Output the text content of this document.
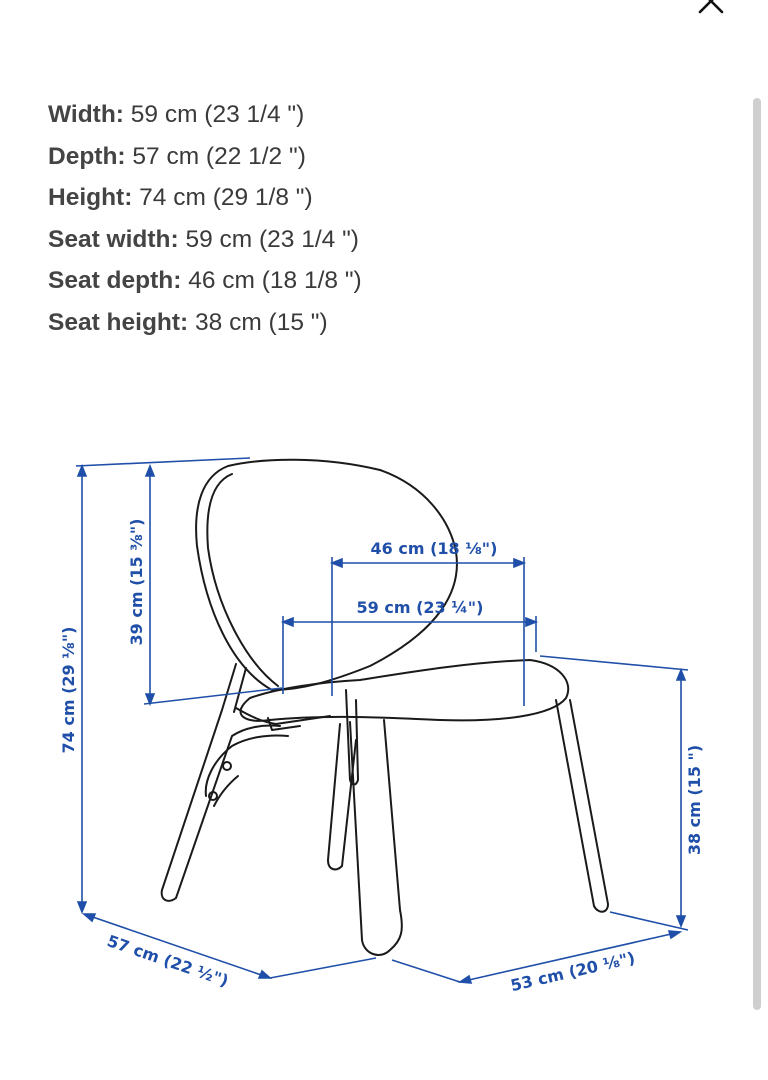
Width: 59 cm (23 1/4 ")
Depth: 57 cm (22 1/2 ")
Height: 74 cm (29 1/8 ")
Seat width: 59 cm (23 1/4 ")
Seat depth: 46 cm (18 1/8 ")
Seat height: 38 cm (15 ")
46 cm (18 ⅛")
59 cm (23 ¼")
39 cm (15 ⅜")
74 cm (29 ⅛")
38 cm (15 ")
57 cm (22 ½")	53 cm (20 ⅛")
